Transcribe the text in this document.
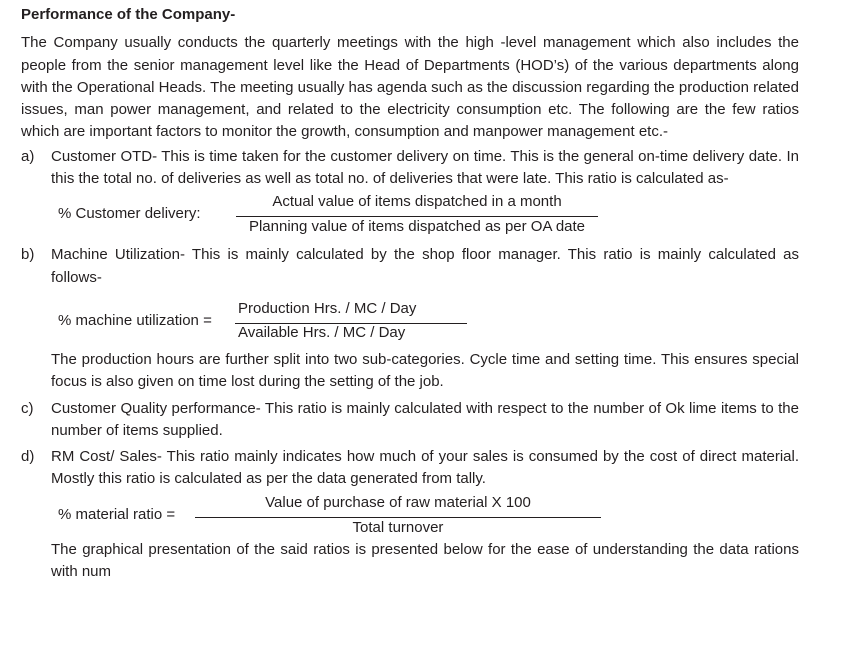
Performance of the Company-

The Company usually conducts the quarterly meetings with the high -level management which also includes the people from the senior management level like the Head of Departments (HOD’s) of the various departments along with the Operational Heads. The meeting usually has agenda such as the discussion regarding the production related issues, man power management, and related to the electricity consumption etc. The following are the few ratios which are important factors to monitor the growth, consumption and manpower management etc.-

a) Customer OTD- This is time taken for the customer delivery on time. This is the general on-time delivery date. In this the total no. of deliveries as well as total no. of deliveries that were late. This ratio is calculated as-
% Customer delivery:
Actual value of items dispatched in a month
Planning value of items dispatched as per OA date
b) Machine Utilization- This is mainly calculated by the shop floor manager. This ratio is mainly calculated as follows-
% machine utilization =
Production Hrs. / MC / Day
Available Hrs. / MC / Day
The production hours are further split into two sub-categories. Cycle time and setting time. This ensures special focus is also given on time lost during the setting of the job.
c) Customer Quality performance- This ratio is mainly calculated with respect to the number of Ok lime items to the number of items supplied.
d) RM Cost/ Sales- This ratio mainly indicates how much of your sales is consumed by the cost of direct material. Mostly this ratio is calculated as per the data generated from tally.
% material ratio =
Value of purchase of raw material X 100
Total turnover
The graphical presentation of the said ratios is presented below for the ease of understanding the data rations with num
